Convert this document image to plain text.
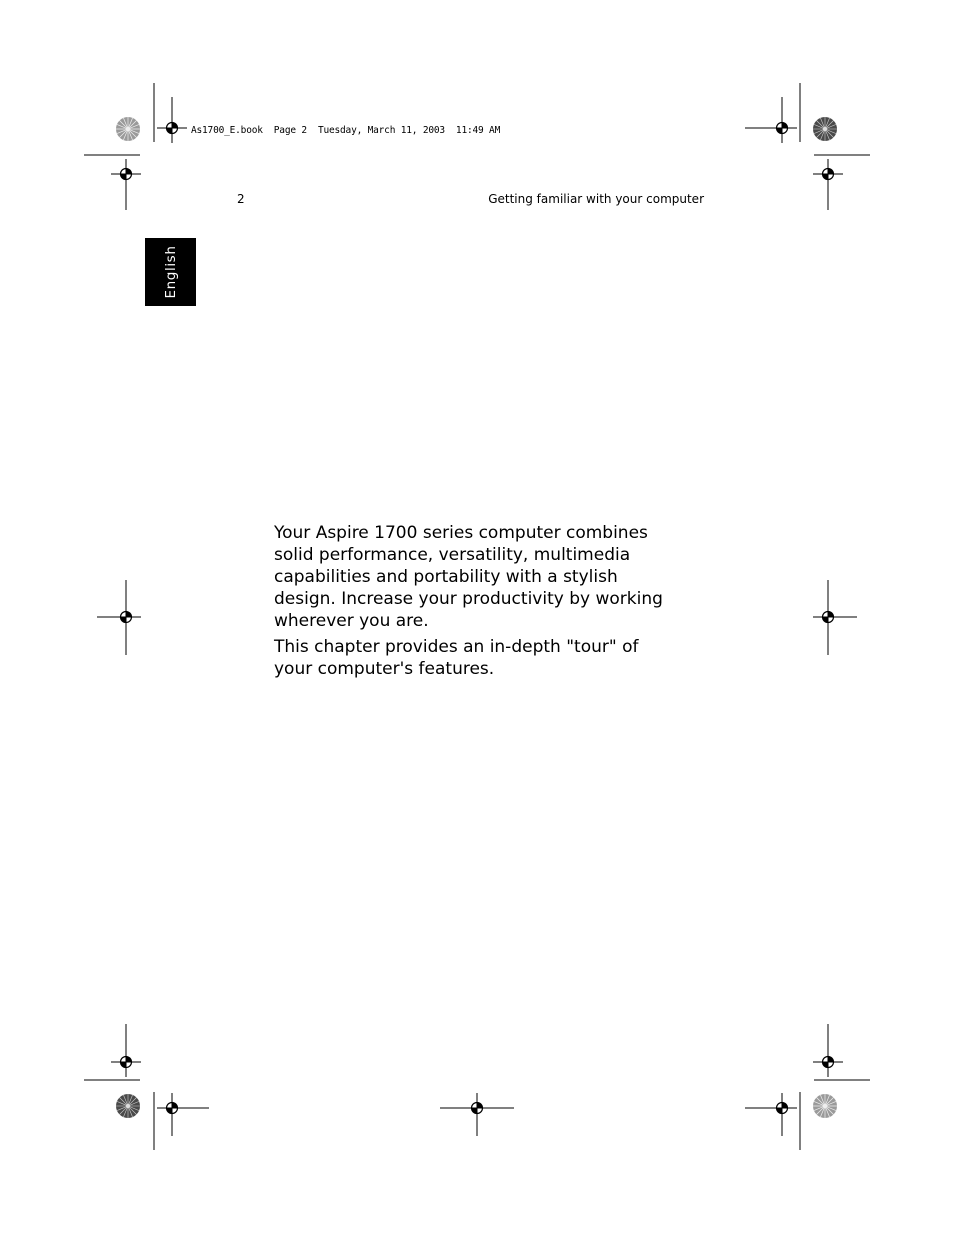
As1700_E.book  Page 2  Tuesday, March 11, 2003  11:49 AM
2	Getting familiar with your computer
English

Your Aspire 1700 series computer combines solid performance, versatility, multimedia capabilities and portability with a stylish design. Increase your productivity by working wherever you are.

This chapter provides an in-depth "tour" of your computer's features.
